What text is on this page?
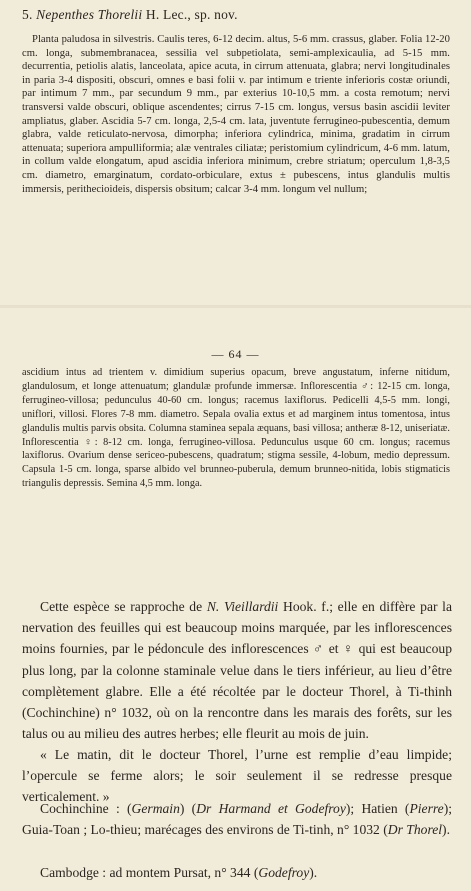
5. Nepenthes Thorelii H. Lec., sp. nov.
Planta paludosa in silvestris. Caulis teres, 6-12 decim. altus, 5-6 mm. crassus, glaber. Folia 12-20 cm. longa, submembranacea, sessilia vel subpetiolata, semi-amplexicaulia, ad 5-15 mm. decurrentia, petiolis alatis, lanceolata, apice acuta, in cirrum attenuata, glabra; nervi longitudinales in paria 3-4 dispositi, obscuri, omnes e basi folii v. par intimum e triente inferioris costæ oriundi, par intimum 7 mm., par secundum 9 mm., par exterius 10-10,5 mm. a costa remotum; nervi transversi valde obscuri, oblique ascendentes; cirrus 7-15 cm. longus, versus basin ascidii leviter ampliatus, glaber. Ascidia 5-7 cm. longa, 2,5-4 cm. lata, juventute ferrugineo-pubescentia, demum glabra, valde reticulato-nervosa, dimorpha; inferiora cylindrica, minima, gradatim in cirrum attenuata; superiora ampulliformia; alæ ventrales ciliatæ; peristomium cylindricum, 4-6 mm. latum, in collum valde elongatum, apud ascidia inferiora minimum, crebre striatum; operculum 1,8-3,5 cm. diametro, emarginatum, cordato-orbiculare, extus ± pubescens, intus glandulis multis immersis, perithecioideis, dispersis obsitum; calcar 3-4 mm. longum vel nullum;
— 64 —
ascidium intus ad trientem v. dimidium superius opacum, breve angustatum, inferne nitidum, glandulosum, et longe attenuatum; glandulæ profunde immersæ. Inflorescentia ♂: 12-15 cm. longa, ferrugineo-villosa; pedunculus 40-60 cm. longus; racemus laxiflorus. Pedicelli 4,5-5 mm. longi, uniflori, villosi. Flores 7-8 mm. diametro. Sepala ovalia extus et ad marginem intus tomentosa, intus glandulis multis parvis obsita. Columna staminea sepala æquans, basi villosa; antheræ 8-12, uniseriatæ. Inflorescentia ♀: 8-12 cm. longa, ferrugineo-villosa. Pedunculus usque 60 cm. longus; racemus laxiflorus. Ovarium dense sericeo-pubescens, quadratum; stigma sessile, 4-lobum, medio depressum. Capsula 1-5 cm. longa, sparse albido vel brunneo-puberula, demum brunneo-nitida, lobis stigmaticis triangulis depressis. Semina 4,5 mm. longa.
Cette espèce se rapproche de N. Vieillardii Hook. f.; elle en diffère par la nervation des feuilles qui est beaucoup moins marquée, par les inflorescences moins fournies, par le pédoncule des inflorescences ♂ et ♀ qui est beaucoup plus long, par la colonne staminale velue dans le tiers inférieur, au lieu d’être complètement glabre. Elle a été récoltée par le docteur Thorel, à Ti-thinh (Cochinchine) n° 1032, où on la rencontre dans les marais des forêts, sur les talus ou au milieu des autres herbes; elle fleurit au mois de juin.
« Le matin, dit le docteur Thorel, l’urne est remplie d’eau limpide; l’opercule se ferme alors; le soir seulement il se redresse presque verticalement. »
Cochinchine : (Germain) (Dr Harmand et Godefroy); Hatien (Pierre); Guia-Toan ; Lo-thieu; marécages des environs de Ti-tinh, n° 1032 (Dr Thorel).
Cambodge : ad montem Pursat, n° 344 (Godefroy).
